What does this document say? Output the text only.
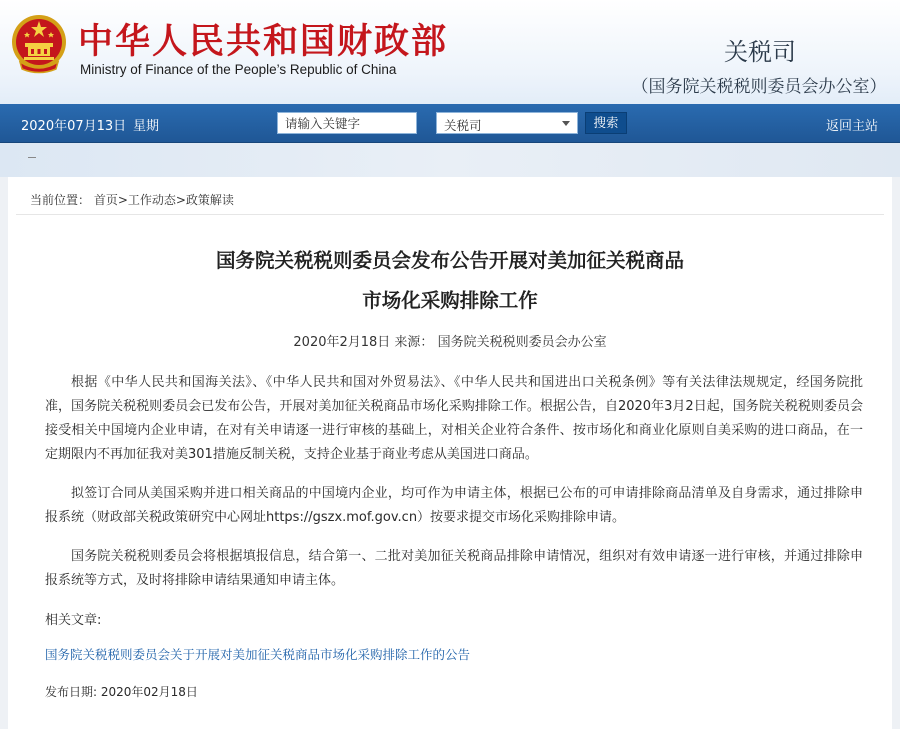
中华人民共和国财政部
Ministry of Finance of the People’s Republic of China
关税司
（国务院关税税则委员会办公室）
2020年07月13日 星期
请输入关键字	关税司	搜索	返回主站
当前位置： 首页>工作动态>政策解读
国务院关税税则委员会发布公告开展对美加征关税商品
市场化采购排除工作
2020年2月18日 来源： 国务院关税税则委员会办公室

根据《中华人民共和国海关法》、《中华人民共和国对外贸易法》、《中华人民共和国进出口关税条例》等有关法律法规规定，经国务院批准，国务院关税税则委员会已发布公告，开展对美加征关税商品市场化采购排除工作。根据公告，自2020年3月2日起，国务院关税税则委员会接受相关中国境内企业申请，在对有关申请逐一进行审核的基础上，对相关企业符合条件、按市场化和商业化原则自美采购的进口商品，在一定期限内不再加征我对美301措施反制关税，支持企业基于商业考虑从美国进口商品。

拟签订合同从美国采购并进口相关商品的中国境内企业，均可作为申请主体，根据已公布的可申请排除商品清单及自身需求，通过排除申报系统（财政部关税政策研究中心网址https://gszx.mof.gov.cn）按要求提交市场化采购排除申请。

国务院关税税则委员会将根据填报信息，结合第一、二批对美加征关税商品排除申请情况，组织对有效申请逐一进行审核，并通过排除申报系统等方式，及时将排除申请结果通知申请主体。

相关文章:
国务院关税税则委员会关于开展对美加征关税商品市场化采购排除工作的公告
发布日期: 2020年02月18日
